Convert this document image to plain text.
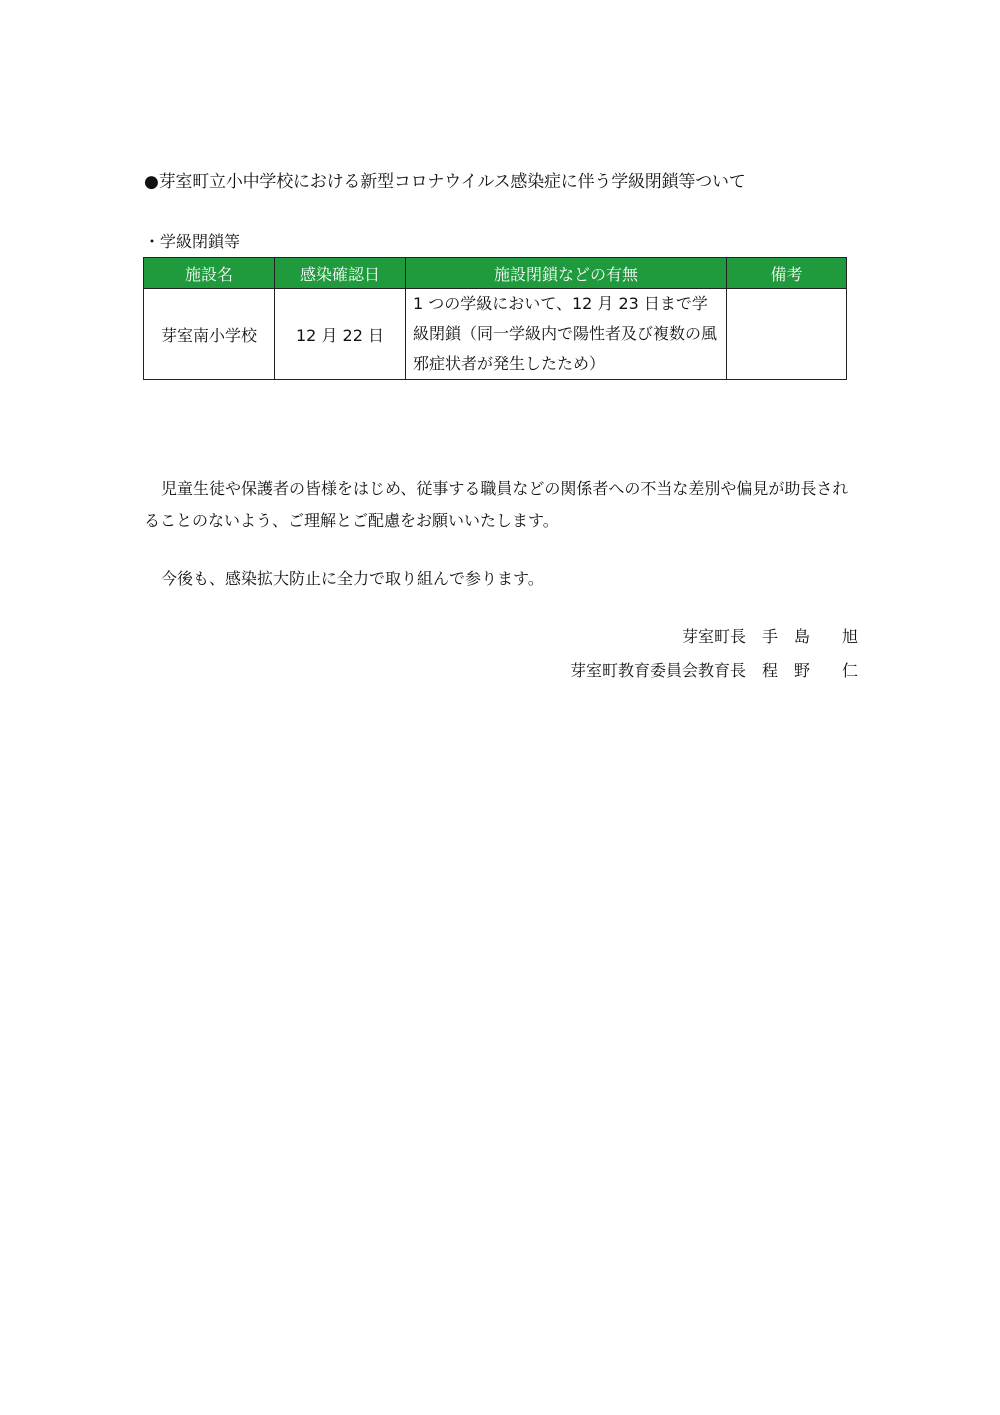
●芽室町立小中学校における新型コロナウイルス感染症に伴う学級閉鎖等ついて
・学級閉鎖等
施設名	感染確認日	施設閉鎖などの有無	備考
芽室南小学校	12 月 22 日	1 つの学級において、12 月 23 日まで学級閉鎖（同一学級内で陽性者及び複数の風邪症状者が発生したため）	
児童生徒や保護者の皆様をはじめ、従事する職員などの関係者への不当な差別や偏見が助長されることのないよう、ご理解とご配慮をお願いいたします。
今後も、感染拡大防止に全力で取り組んで参ります。
芽室町長　手　島　　旭
芽室町教育委員会教育長　程　野　　仁
